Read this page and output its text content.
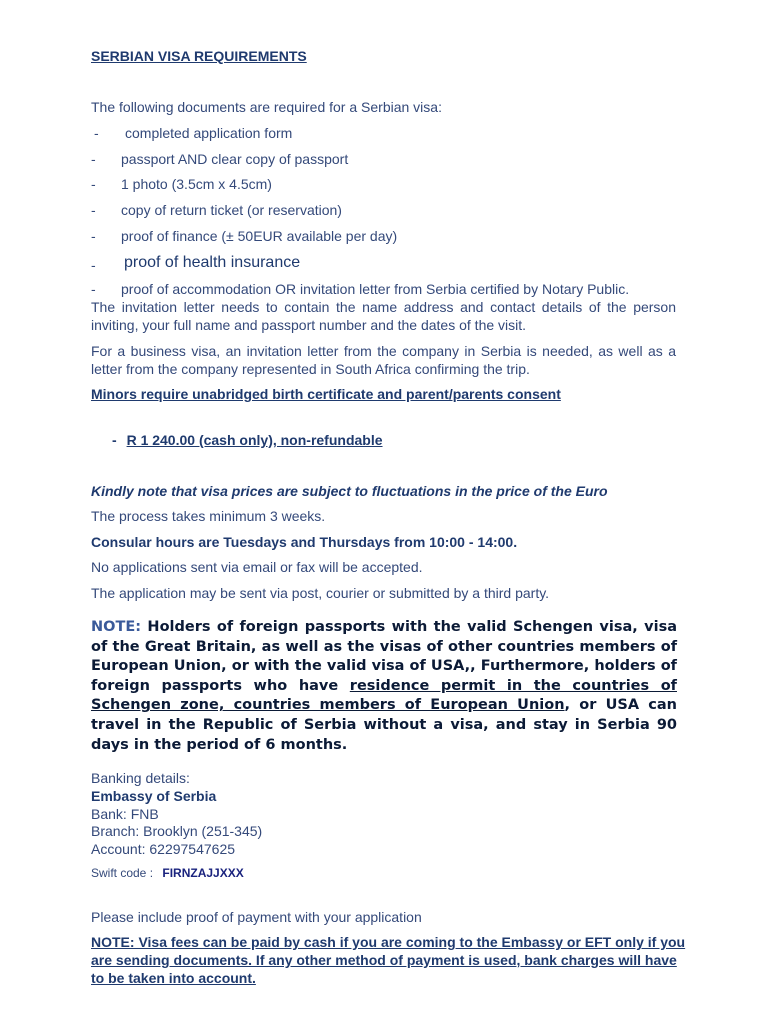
SERBIAN VISA REQUIREMENTS
The following documents are required for a Serbian visa:
- completed application form
- passport AND clear copy of passport
- 1 photo (3.5cm x 4.5cm)
- copy of return ticket (or reservation)
- proof of finance (± 50EUR available per day)
- proof of health insurance
- proof of accommodation OR invitation letter from Serbia certified by Notary Public.
The invitation letter needs to contain the name address and contact details of the person inviting, your full name and passport number and the dates of the visit.
For a business visa, an invitation letter from the company in Serbia is needed, as well as a letter from the company represented in South Africa confirming the trip.
Minors require unabridged birth certificate and parent/parents consent
- R 1 240.00 (cash only), non-refundable
Kindly note that visa prices are subject to fluctuations in the price of the Euro
The process takes minimum 3 weeks.
Consular hours are Tuesdays and Thursdays from 10:00 - 14:00.
No applications sent via email or fax will be accepted.
The application may be sent via post, courier or submitted by a third party.
NOTE: Holders of foreign passports with the valid Schengen visa, visa of the Great Britain, as well as the visas of other countries members of European Union, or with the valid visa of USA,, Furthermore, holders of foreign passports who have residence permit in the countries of Schengen zone, countries members of European Union, or USA can travel in the Republic of Serbia without a visa, and stay in Serbia 90 days in the period of 6 months.
Banking details:
Embassy of Serbia
Bank: FNB
Branch: Brooklyn (251-345)
Account: 62297547625
Swift code : FIRNZAJJXXX
Please include proof of payment with your application
NOTE: Visa fees can be paid by cash if you are coming to the Embassy or EFT only if you are sending documents. If any other method of payment is used, bank charges will have to be taken into account.
